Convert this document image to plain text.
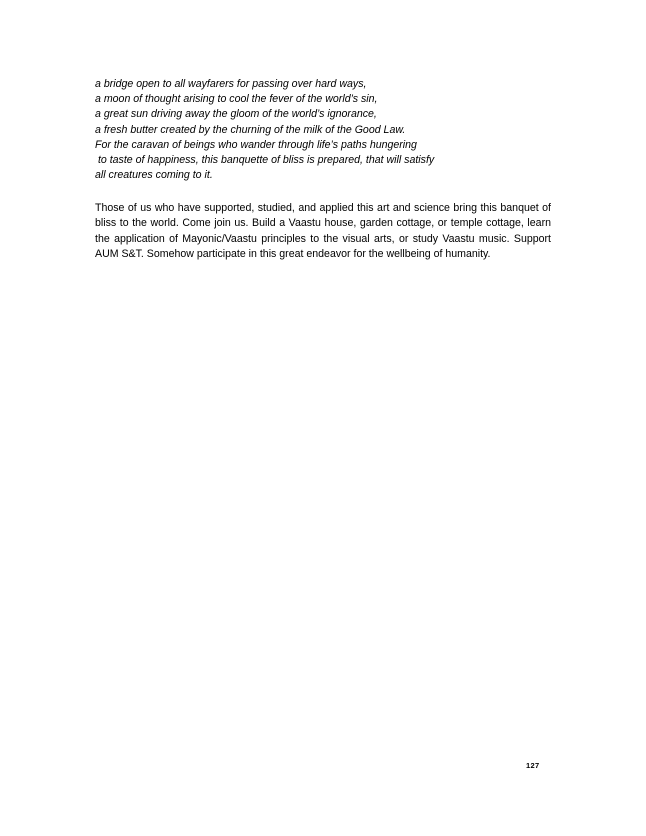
a bridge open to all wayfarers for passing over hard ways,
a moon of thought arising to cool the fever of the world’s sin,
a great sun driving away the gloom of the world’s ignorance,
a fresh butter created by the churning of the milk of the Good Law.
For the caravan of beings who wander through life’s paths hungering
to taste of happiness, this banquette of bliss is prepared, that will satisfy
all creatures coming to it.

Those of us who have supported, studied, and applied this art and science bring this banquet of bliss to the world. Come join us. Build a Vaastu house, garden cottage, or temple cottage, learn the application of Mayonic/Vaastu principles to the visual arts, or study Vaastu music. Support AUM S&T. Somehow participate in this great endeavor for the wellbeing of humanity.

127
